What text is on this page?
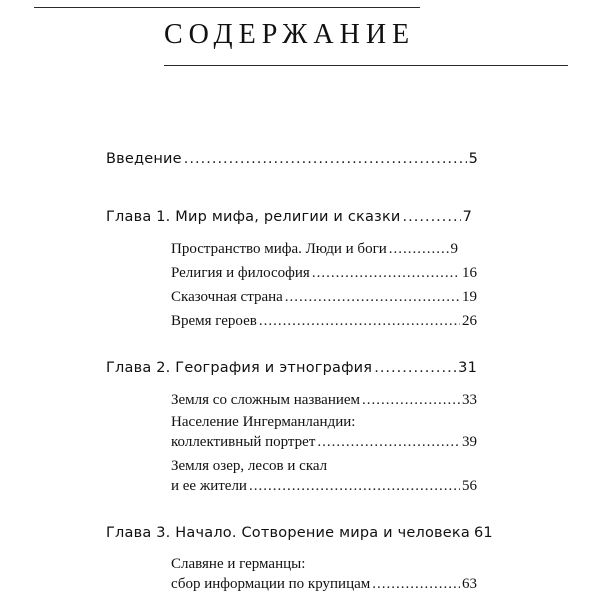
СОДЕРЖАНИЕ
Введение .....	5
Глава 1. Мир мифа, религии и сказки .....	7
Пространство мифа. Люди и боги .....	9
Религия и философия .....	16
Сказочная страна .....	19
Время героев .....	26
Глава 2. География и этнография .....	31
Земля со сложным названием .....	33
Население Ингерманландии:
коллективный портрет .....	39
Земля озер, лесов и скал
и ее жители .....	56
Глава 3. Начало. Сотворение мира и человека 61
Славяне и германцы:
сбор информации по крупицам .....	63
